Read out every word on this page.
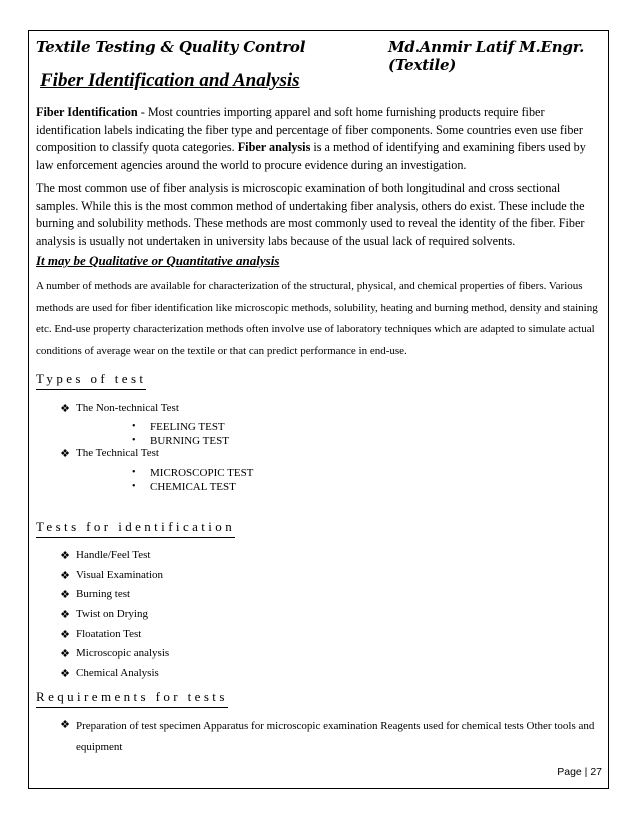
Textile Testing & Quality Control	Md.Anmir Latif M.Engr.(Textile)
Fiber Identification and Analysis

Fiber Identification - Most countries importing apparel and soft home furnishing products require fiber identification labels indicating the fiber type and percentage of fiber components. Some countries even use fiber composition to classify quota categories. Fiber analysis is a method of identifying and examining fibers used by law enforcement agencies around the world to procure evidence during an investigation.

The most common use of fiber analysis is microscopic examination of both longitudinal and cross sectional samples. While this is the most common method of undertaking fiber analysis, others do exist. These include the burning and solubility methods. These methods are most commonly used to reveal the identity of the fiber. Fiber analysis is usually not undertaken in university labs because of the usual lack of required solvents.

It may be Qualitative or Quantitative analysis

A number of methods are available for characterization of the structural, physical, and chemical properties of fibers. Various methods are used for fiber identification like microscopic methods, solubility, heating and burning method, density and staining etc. End-use property characterization methods often involve use of laboratory techniques which are adapted to simulate actual conditions of average wear on the textile or that can predict performance in end-use.

Types of test
❖ The Non-technical Test
• FEELING TEST
• BURNING TEST
❖ The Technical Test
• MICROSCOPIC TEST
• CHEMICAL TEST
Tests for identification
❖ Handle/Feel Test
❖ Visual Examination
❖ Burning test
❖ Twist on Drying
❖ Floatation Test
❖ Microscopic analysis
❖ Chemical Analysis
Requirements for tests
❖ Preparation of test specimen Apparatus for microscopic examination Reagents used for chemical tests Other tools and equipment

Page | 27
